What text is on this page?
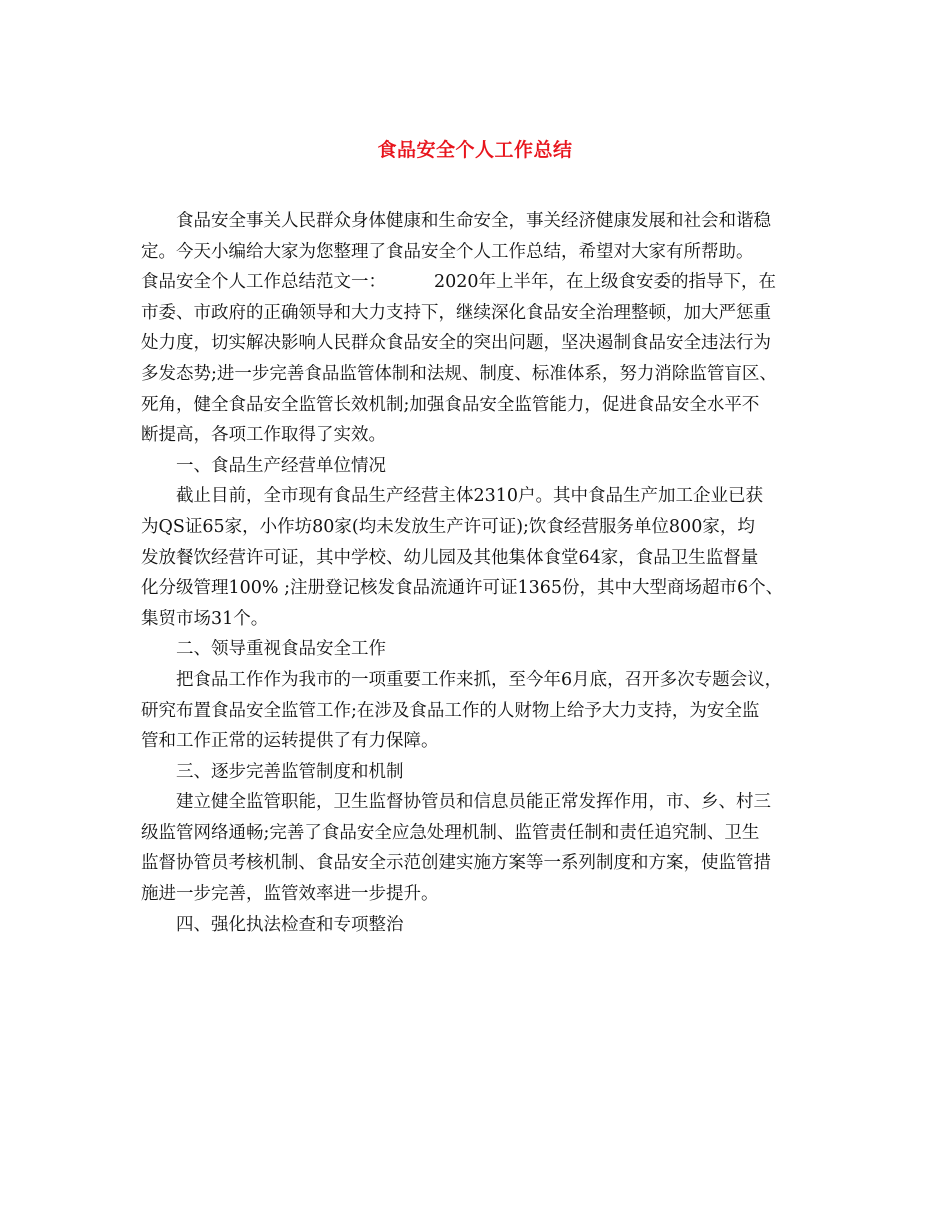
食品安全个人工作总结

食品安全事关人民群众身体健康和生命安全，事关经济健康发展和社会和谐稳

定。今天小编给大家为您整理了食品安全个人工作总结，希望对大家有所帮助。

食品安全个人工作总结范文一：	2020年上半年，在上级食安委的指导下，在

市委、市政府的正确领导和大力支持下，继续深化食品安全治理整顿，加大严惩重

处力度，切实解决影响人民群众食品安全的突出问题，坚决遏制食品安全违法行为

多发态势;进一步完善食品监管体制和法规、制度、标准体系，努力消除监管盲区、

死角，健全食品安全监管长效机制;加强食品安全监管能力，促进食品安全水平不

断提高，各项工作取得了实效。

一、食品生产经营单位情况

截止目前，全市现有食品生产经营主体2310户。其中食品生产加工企业已获

为QS证65家，小作坊80家(均未发放生产许可证);饮食经营服务单位800家，均

发放餐饮经营许可证，其中学校、幼儿园及其他集体食堂64家，食品卫生监督量

化分级管理100% ;注册登记核发食品流通许可证1365份，其中大型商场超市6个、

集贸市场31个。

二、领导重视食品安全工作

把食品工作作为我市的一项重要工作来抓，至今年6月底，召开多次专题会议，

研究布置食品安全监管工作;在涉及食品工作的人财物上给予大力支持，为安全监

管和工作正常的运转提供了有力保障。

三、逐步完善监管制度和机制

建立健全监管职能，卫生监督协管员和信息员能正常发挥作用，市、乡、村三

级监管网络通畅;完善了食品安全应急处理机制、监管责任制和责任追究制、卫生

监督协管员考核机制、食品安全示范创建实施方案等一系列制度和方案，使监管措

施进一步完善，监管效率进一步提升。

四、强化执法检查和专项整治
